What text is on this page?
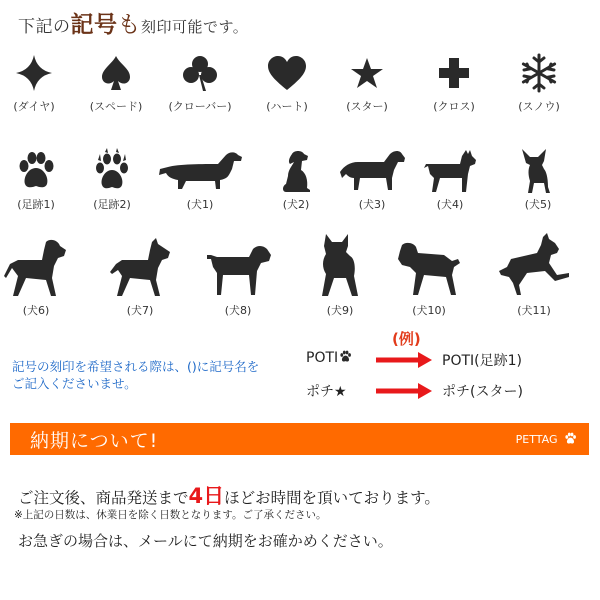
下記の記号も刻印可能です。
(ダイヤ)	(スペード)	(クローバー)	(ハート)	(スター)	(クロス)	(スノウ)
(足跡1)	(足跡2)	(犬1)	(犬2)	(犬3)	(犬4)	(犬5)
(犬6)	(犬7)	(犬8)	(犬9)	(犬10)	(犬11)
記号の刻印を希望される際は、()に記号名を
ご記入くださいませ。
(例)
POTI	POTI(足跡1)
ポチ★	ポチ(スター)
納期について!	PETTAG
ご注文後、商品発送まで4日ほどお時間を頂いております。
※上記の日数は、休業日を除く日数となります。ご了承ください。
お急ぎの場合は、メールにて納期をお確かめください。
